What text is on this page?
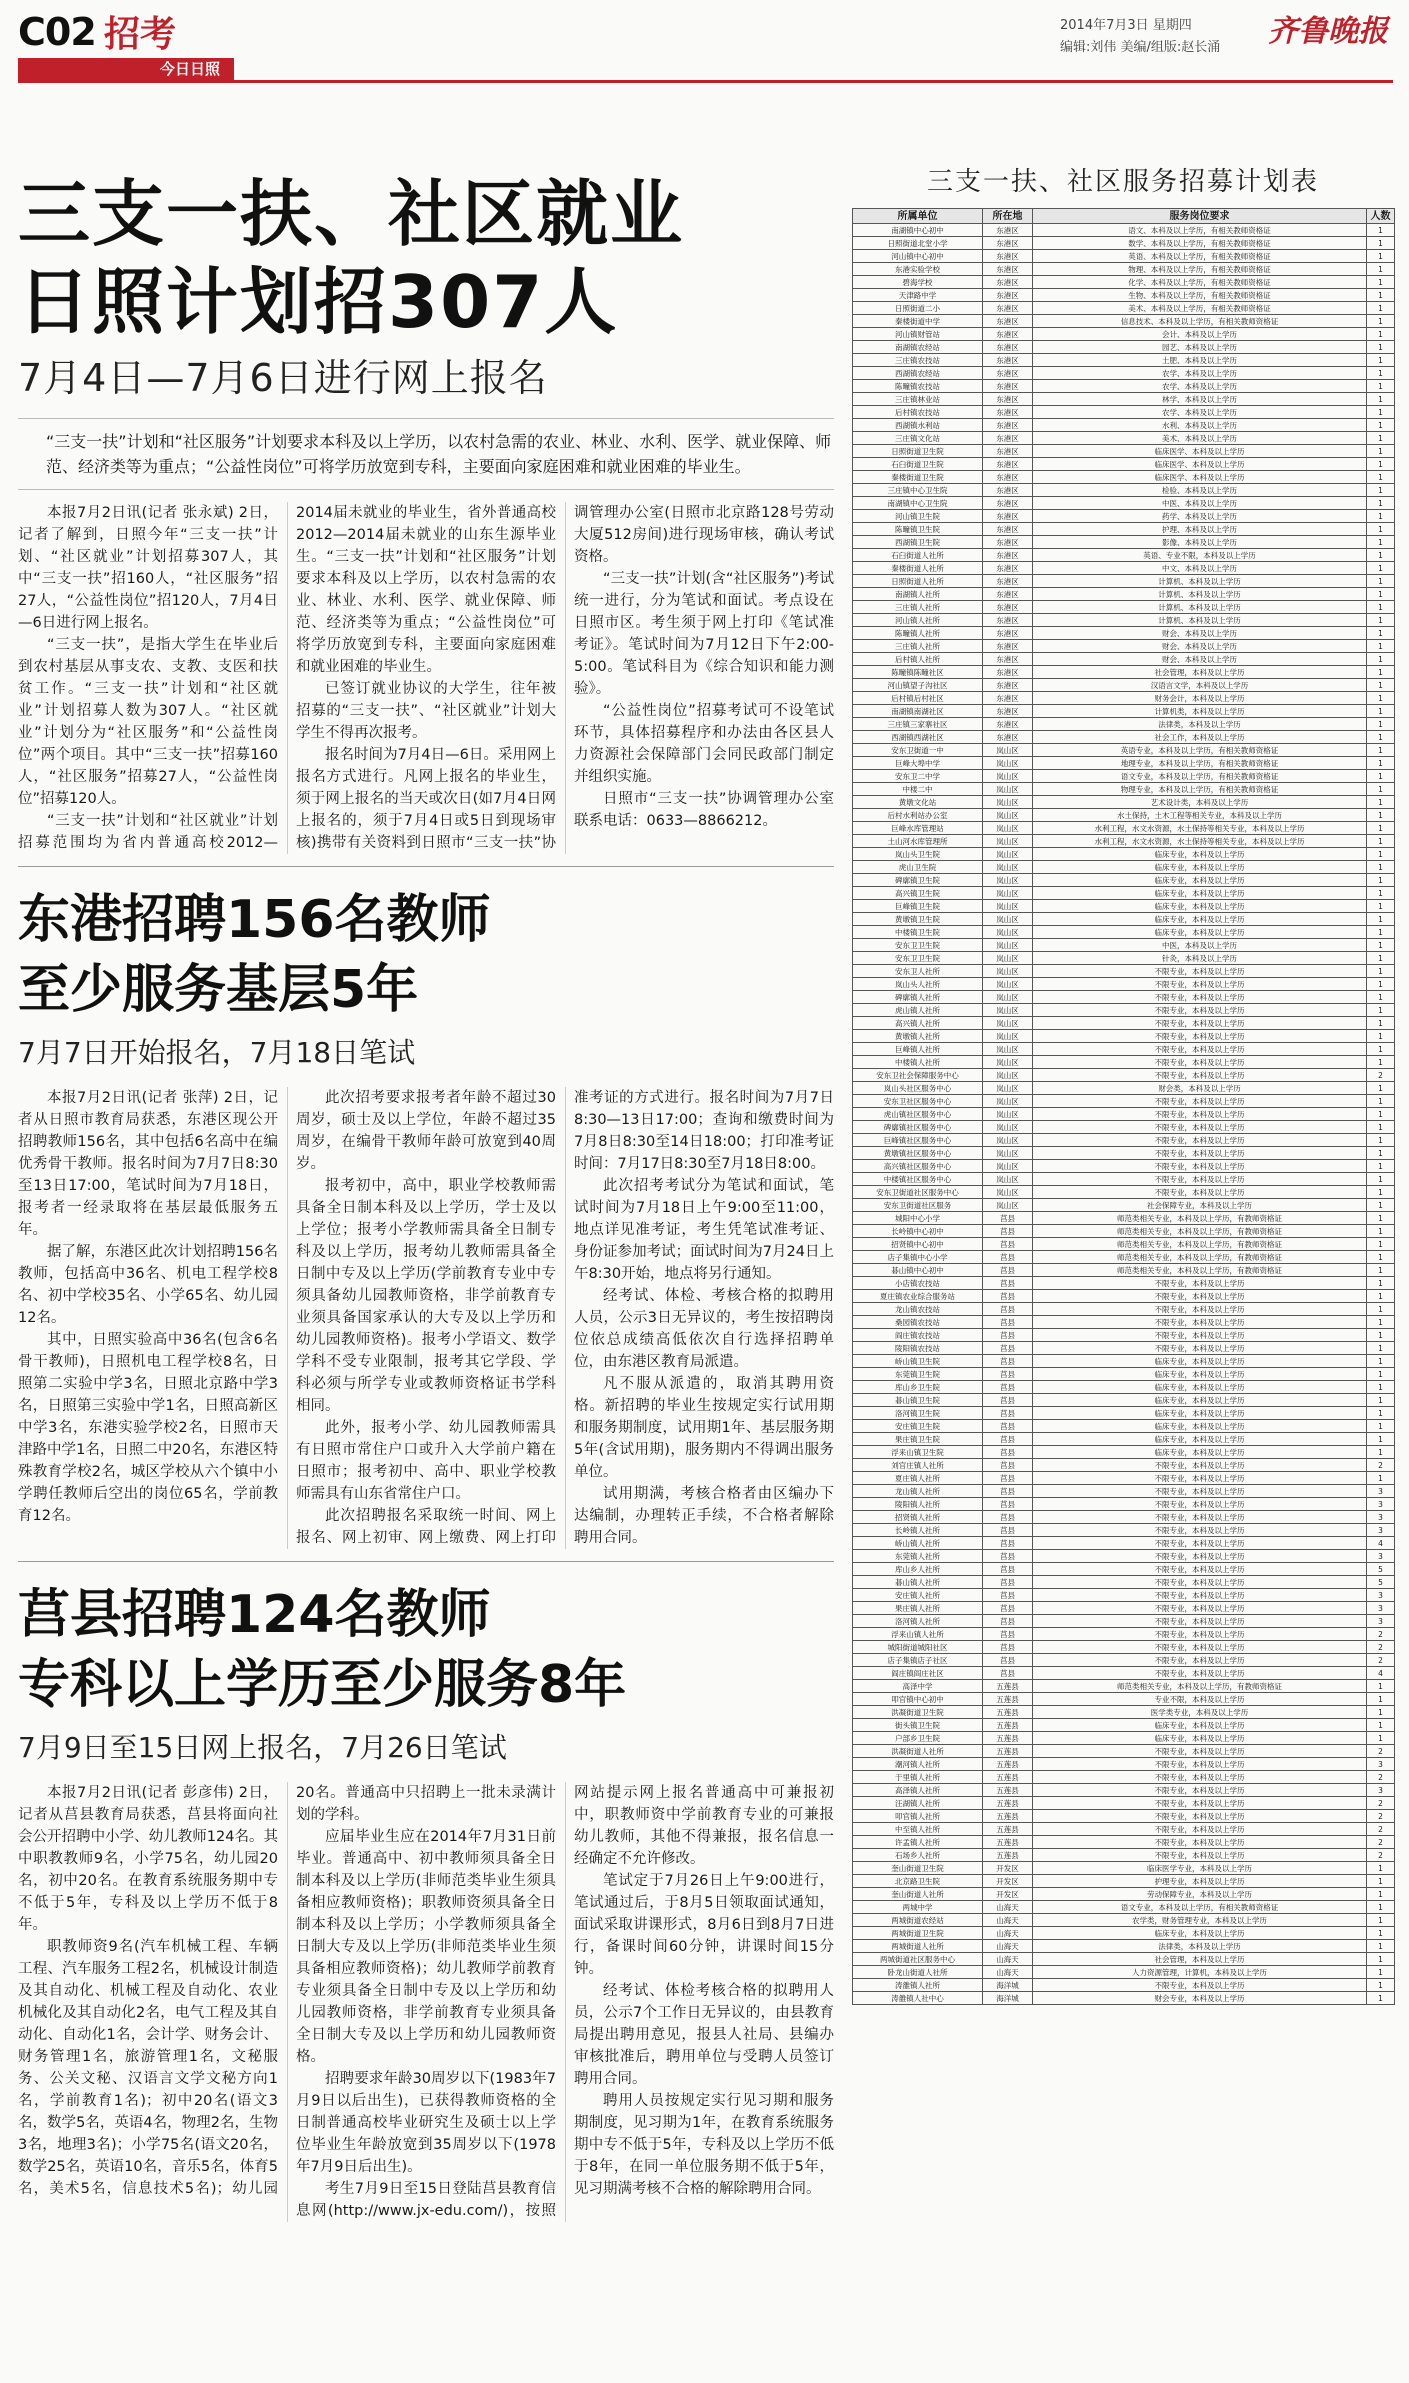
C02 招考
今日日照
2014年7月3日 星期四
编辑:刘伟 美编/组版:赵长涌 齐鲁晚报
三支一扶、社区就业
日照计划招307人
7月4日—7月6日进行网上报名
“三支一扶”计划和“社区服务”计划要求本科及以上学历，以农村急需的农业、林业、水利、医学、就业保障、师范、经济类等为重点；“公益性岗位”可将学历放宽到专科，主要面向家庭困难和就业困难的毕业生。

本报7月2日讯(记者 张永斌) 2日，记者了解到，日照今年“三支一扶”计划、“社区就业”计划招募307人，其中“三支一扶”招160人，“社区服务”招27人，“公益性岗位”招120人，7月4日—6日进行网上报名。

“三支一扶”，是指大学生在毕业后到农村基层从事支农、支教、支医和扶贫工作。“三支一扶”计划和“社区就业”计划招募人数为307人。“社区就业”计划分为“社区服务”和“公益性岗位”两个项目。其中“三支一扶”招募160人，“社区服务”招募27人，“公益性岗位”招募120人。

“三支一扶”计划和“社区就业”计划招募范围均为省内普通高校2012—2014届未就业的毕业生，省外普通高校2012—2014届未就业的山东生源毕业生。“三支一扶”计划和“社区服务”计划要求本科及以上学历，以农村急需的农业、林业、水利、医学、就业保障、师范、经济类等为重点；“公益性岗位”可将学历放宽到专科，主要面向家庭困难和就业困难的毕业生。

已签订就业协议的大学生，往年被招募的“三支一扶”、“社区就业”计划大学生不得再次报考。

报名时间为7月4日—6日。采用网上报名方式进行。凡网上报名的毕业生，须于网上报名的当天或次日(如7月4日网上报名的，须于7月4日或5日到现场审核)携带有关资料到日照市“三支一扶”协调管理办公室(日照市北京路128号劳动大厦512房间)进行现场审核，确认考试资格。

“三支一扶”计划(含“社区服务”)考试统一进行，分为笔试和面试。考点设在日照市区。考生须于网上打印《笔试准考证》。笔试时间为7月12日下午2:00-5:00。笔试科目为《综合知识和能力测验》。

“公益性岗位”招募考试可不设笔试环节，具体招募程序和办法由各区县人力资源社会保障部门会同民政部门制定并组织实施。

日照市“三支一扶”协调管理办公室联系电话：0633—8866212。

东港招聘156名教师
至少服务基层5年
7月7日开始报名，7月18日笔试

本报7月2日讯(记者 张萍) 2日，记者从日照市教育局获悉，东港区现公开招聘教师156名，其中包括6名高中在编优秀骨干教师。报名时间为7月7日8:30至13日17:00，笔试时间为7月18日，报考者一经录取将在基层最低服务五年。

据了解，东港区此次计划招聘156名教师，包括高中36名、机电工程学校8名、初中学校35名、小学65名、幼儿园12名。

其中，日照实验高中36名(包含6名骨干教师)，日照机电工程学校8名，日照第二实验中学3名，日照北京路中学3名，日照第三实验中学1名，日照高新区中学3名，东港实验学校2名，日照市天津路中学1名，日照二中20名，东港区特殊教育学校2名，城区学校从六个镇中小学聘任教师后空出的岗位65名，学前教育12名。

此次招考要求报考者年龄不超过30周岁，硕士及以上学位，年龄不超过35周岁，在编骨干教师年龄可放宽到40周岁。

报考初中，高中，职业学校教师需具备全日制本科及以上学历，学士及以上学位；报考小学教师需具备全日制专科及以上学历，报考幼儿教师需具备全日制中专及以上学历(学前教育专业中专须具备幼儿园教师资格，非学前教育专业须具备国家承认的大专及以上学历和幼儿园教师资格)。报考小学语文、数学学科不受专业限制，报考其它学段、学科必须与所学专业或教师资格证书学科相同。

此外，报考小学、幼儿园教师需具有日照市常住户口或升入大学前户籍在日照市；报考初中、高中、职业学校教师需具有山东省常住户口。

此次招聘报名采取统一时间、网上报名、网上初审、网上缴费、网上打印准考证的方式进行。报名时间为7月7日8:30—13日17:00；查询和缴费时间为7月8日8:30至14日18:00；打印准考证时间：7月17日8:30至7月18日8:00。

此次招考考试分为笔试和面试，笔试时间为7月18日上午9:00至11:00，地点详见准考证，考生凭笔试准考证、身份证参加考试；面试时间为7月24日上午8:30开始，地点将另行通知。

经考试、体检、考核合格的拟聘用人员，公示3日无异议的，考生按招聘岗位依总成绩高低依次自行选择招聘单位，由东港区教育局派遣。

凡不服从派遣的，取消其聘用资格。新招聘的毕业生按规定实行试用期和服务期制度，试用期1年、基层服务期5年(含试用期)，服务期内不得调出服务单位。

试用期满，考核合格者由区编办下达编制，办理转正手续，不合格者解除聘用合同。

莒县招聘124名教师
专科以上学历至少服务8年
7月9日至15日网上报名，7月26日笔试

本报7月2日讯(记者 彭彦伟) 2日，记者从莒县教育局获悉，莒县将面向社会公开招聘中小学、幼儿教师124名。其中职教教师9名，小学75名，幼儿园20名，初中20名。在教育系统服务期中专不低于5年，专科及以上学历不低于8年。

职教师资9名(汽车机械工程、车辆工程、汽车服务工程2名，机械设计制造及其自动化、机械工程及自动化、农业机械化及其自动化2名，电气工程及其自动化、自动化1名，会计学、财务会计、财务管理1名，旅游管理1名，文秘服务、公关文秘、汉语言文学文秘方向1名，学前教育1名)；初中20名(语文3名，数学5名，英语4名，物理2名，生物3名，地理3名)；小学75名(语文20名，数学25名，英语10名，音乐5名，体育5名，美术5名，信息技术5名)；幼儿园20名。普通高中只招聘上一批未录满计划的学科。

应届毕业生应在2014年7月31日前毕业。普通高中、初中教师须具备全日制本科及以上学历(非师范类毕业生须具备相应教师资格)；职教师资须具备全日制本科及以上学历；小学教师须具备全日制大专及以上学历(非师范类毕业生须具备相应教师资格)；幼儿教师学前教育专业须具备全日制中专及以上学历和幼儿园教师资格，非学前教育专业须具备全日制大专及以上学历和幼儿园教师资格。

招聘要求年龄30周岁以下(1983年7月9日以后出生)，已获得教师资格的全日制普通高校毕业研究生及硕士以上学位毕业生年龄放宽到35周岁以下(1978年7月9日后出生)。

考生7月9日至15日登陆莒县教育信息网(http://www.jx-edu.com/)，按照网站提示网上报名普通高中可兼报初中，职教师资中学前教育专业的可兼报幼儿教师，其他不得兼报，报名信息一经确定不允许修改。

笔试定于7月26日上午9:00进行，笔试通过后，于8月5日领取面试通知，面试采取讲课形式，8月6日到8月7日进行，备课时间60分钟，讲课时间15分钟。

经考试、体检考核合格的拟聘用人员，公示7个工作日无异议的，由县教育局提出聘用意见，报县人社局、县编办审核批准后，聘用单位与受聘人员签订聘用合同。

聘用人员按规定实行见习期和服务期制度，见习期为1年，在教育系统服务期中专不低于5年，专科及以上学历不低于8年，在同一单位服务期不低于5年，见习期满考核不合格的解除聘用合同。

三支一扶、社区服务招募计划表
所属单位	所在地	服务岗位要求	人数
南湖镇中心初中	东港区	语文、本科及以上学历，有相关教师资格证	1
日照街道北堂小学	东港区	数学、本科及以上学历，有相关教师资格证	1
河山镇中心初中	东港区	英语、本科及以上学历，有相关教师资格证	1
东港实验学校	东港区	物理、本科及以上学历，有相关教师资格证	1
碧海学校	东港区	化学、本科及以上学历，有相关教师资格证	1
天津路中学	东港区	生物、本科及以上学历，有相关教师资格证	1
日照街道二小	东港区	美术、本科及以上学历，有相关教师资格证	1
秦楼街道中学	东港区	信息技术、本科及以上学历，有相关教师资格证	1
河山镇财管站	东港区	会计、本科及以上学历	1
南湖镇农经站	东港区	园艺、本科及以上学历	1
三庄镇农技站	东港区	土肥、本科及以上学历	1
西湖镇农经站	东港区	农学、本科及以上学历	1
陈疃镇农技站	东港区	农学、本科及以上学历	1
三庄镇林业站	东港区	林学、本科及以上学历	1
后村镇农技站	东港区	农学、本科及以上学历	1
西湖镇水利站	东港区	水利、本科及以上学历	1
三庄镇文化站	东港区	美术、本科及以上学历	1
日照街道卫生院	东港区	临床医学、本科及以上学历	1
石臼街道卫生院	东港区	临床医学、本科及以上学历	1
秦楼街道卫生院	东港区	临床医学、本科及以上学历	1
三庄镇中心卫生院	东港区	检验、本科及以上学历	1
南湖镇中心卫生院	东港区	中医、本科及以上学历	1
河山镇卫生院	东港区	药学、本科及以上学历	1
陈疃镇卫生院	东港区	护理、本科及以上学历	1
西湖镇卫生院	东港区	影像、本科及以上学历	1
石臼街道人社所	东港区	英语、专业不限，本科及以上学历	1
秦楼街道人社所	东港区	中文、本科及以上学历	1
日照街道人社所	东港区	计算机、本科及以上学历	1
南湖镇人社所	东港区	计算机、本科及以上学历	1
三庄镇人社所	东港区	计算机、本科及以上学历	1
河山镇人社所	东港区	计算机、本科及以上学历	1
陈疃镇人社所	东港区	财会、本科及以上学历	1
三庄镇人社所	东港区	财会、本科及以上学历	1
后村镇人社所	东港区	财会、本科及以上学历	1
陈疃镇陈疃社区	东港区	社会管理，本科及以上学历	1
河山镇望子沟社区	东港区	汉语言文学，本科及以上学历	1
后村镇后村社区	东港区	财务会计，本科及以上学历	1
南湖镇南湖社区	东港区	计算机类，本科及以上学历	1
三庄镇三家寨社区	东港区	法律类，本科及以上学历	1
西湖镇西湖社区	东港区	社会工作，本科及以上学历	1
安东卫街道一中	岚山区	英语专业，本科及以上学历，有相关教师资格证	1
巨峰大埠中学	岚山区	地理专业，本科及以上学历，有相关教师资格证	1
安东卫二中学	岚山区	语文专业，本科及以上学历，有相关教师资格证	1
中楼二中	岚山区	物理专业，本科及以上学历，有相关教师资格证	1
黄墩文化站	岚山区	艺术设计类，本科及以上学历	1
后村水利站办公室	岚山区	水土保持，土木工程等相关专业，本科及以上学历	1
巨峰水库管理站	岚山区	水利工程，水文水资源，水土保持等相关专业，本科及以上学历	1
土山河水库管理所	岚山区	水利工程，水文水资源，水土保持等相关专业，本科及以上学历	1
岚山头卫生院	岚山区	临床专业，本科及以上学历	1
虎山卫生院	岚山区	临床专业，本科及以上学历	1
碑廓镇卫生院	岚山区	临床专业，本科及以上学历	1
高兴镇卫生院	岚山区	临床专业，本科及以上学历	1
巨峰镇卫生院	岚山区	临床专业，本科及以上学历	1
黄墩镇卫生院	岚山区	临床专业，本科及以上学历	1
中楼镇卫生院	岚山区	临床专业，本科及以上学历	1
安东卫卫生院	岚山区	中医，本科及以上学历	1
安东卫卫生院	岚山区	针灸，本科及以上学历	1
安东卫人社所	岚山区	不限专业，本科及以上学历	1
岚山头人社所	岚山区	不限专业，本科及以上学历	1
碑廓镇人社所	岚山区	不限专业，本科及以上学历	1
虎山镇人社所	岚山区	不限专业，本科及以上学历	1
高兴镇人社所	岚山区	不限专业，本科及以上学历	1
黄墩镇人社所	岚山区	不限专业，本科及以上学历	1
巨峰镇人社所	岚山区	不限专业，本科及以上学历	1
中楼镇人社所	岚山区	不限专业，本科及以上学历	1
安东卫社会保障服务中心	岚山区	不限专业，本科及以上学历	2
岚山头社区服务中心	岚山区	财会类，本科及以上学历	1
安东卫社区服务中心	岚山区	不限专业，本科及以上学历	1
虎山镇社区服务中心	岚山区	不限专业，本科及以上学历	1
碑廓镇社区服务中心	岚山区	不限专业，本科及以上学历	1
巨峰镇社区服务中心	岚山区	不限专业，本科及以上学历	1
黄墩镇社区服务中心	岚山区	不限专业，本科及以上学历	1
高兴镇社区服务中心	岚山区	不限专业，本科及以上学历	1
中楼镇社区服务中心	岚山区	不限专业，本科及以上学历	1
安东卫街道社区服务中心	岚山区	不限专业，本科及以上学历	1
安东卫街道社区服务	岚山区	社会保障专业，本科及以上学历	1
城阳中心小学	莒县	师范类相关专业，本科及以上学历，有教师资格证	1
长岭镇中心初中	莒县	师范类相关专业，本科及以上学历，有教师资格证	1
招贤镇中心初中	莒县	师范类相关专业，本科及以上学历，有教师资格证	1
店子集镇中心小学	莒县	师范类相关专业，本科及以上学历，有教师资格证	1
碁山镇中心初中	莒县	师范类相关专业，本科及以上学历，有教师资格证	1
小店镇农技站	莒县	不限专业，本科及以上学历	1
夏庄镇农业综合服务站	莒县	不限专业，本科及以上学历	1
龙山镇农技站	莒县	不限专业，本科及以上学历	1
桑园镇农技站	莒县	不限专业，本科及以上学历	1
阎庄镇农技站	莒县	不限专业，本科及以上学历	1
陵阳镇农技站	莒县	不限专业，本科及以上学历	1
峤山镇卫生院	莒县	临床专业，本科及以上学历	1
东莞镇卫生院	莒县	临床专业，本科及以上学历	1
库山乡卫生院	莒县	临床专业，本科及以上学历	1
碁山镇卫生院	莒县	临床专业，本科及以上学历	1
洛河镇卫生院	莒县	临床专业，本科及以上学历	1
安庄镇卫生院	莒县	临床专业，本科及以上学历	1
果庄镇卫生院	莒县	临床专业，本科及以上学历	1
浮来山镇卫生院	莒县	临床专业，本科及以上学历	1
刘官庄镇人社所	莒县	不限专业，本科及以上学历	2
夏庄镇人社所	莒县	不限专业，本科及以上学历	1
龙山镇人社所	莒县	不限专业，本科及以上学历	3
陵阳镇人社所	莒县	不限专业，本科及以上学历	3
招贤镇人社所	莒县	不限专业，本科及以上学历	3
长岭镇人社所	莒县	不限专业，本科及以上学历	3
峤山镇人社所	莒县	不限专业，本科及以上学历	4
东莞镇人社所	莒县	不限专业，本科及以上学历	3
库山乡人社所	莒县	不限专业，本科及以上学历	5
碁山镇人社所	莒县	不限专业，本科及以上学历	5
安庄镇人社所	莒县	不限专业，本科及以上学历	3
果庄镇人社所	莒县	不限专业，本科及以上学历	3
洛河镇人社所	莒县	不限专业，本科及以上学历	3
浮来山镇人社所	莒县	不限专业，本科及以上学历	2
城阳街道城阳社区	莒县	不限专业，本科及以上学历	2
店子集镇店子社区	莒县	不限专业，本科及以上学历	2
阎庄镇阎庄社区	莒县	不限专业，本科及以上学历	4
高泽中学	五莲县	师范类相关专业，本科及以上学历，有教师资格证	1
叩官镇中心初中	五莲县	专业不限，本科及以上学历	1
洪凝街道卫生院	五莲县	医学类专业，本科及以上学历	1
街头镇卫生院	五莲县	临床专业，本科及以上学历	1
户部乡卫生院	五莲县	临床专业，本科及以上学历	1
洪凝街道人社所	五莲县	不限专业，本科及以上学历	2
潮河镇人社所	五莲县	不限专业，本科及以上学历	3
于里镇人社所	五莲县	不限专业，本科及以上学历	2
高泽镇人社所	五莲县	不限专业，本科及以上学历	3
汪湖镇人社所	五莲县	不限专业，本科及以上学历	2
叩官镇人社所	五莲县	不限专业，本科及以上学历	2
中至镇人社所	五莲县	不限专业，本科及以上学历	2
许孟镇人社所	五莲县	不限专业，本科及以上学历	2
石场乡人社所	五莲县	不限专业，本科及以上学历	2
奎山街道卫生院	开发区	临床医学专业，本科及以上学历	1
北京路卫生院	开发区	护理专业，本科及以上学历	1
奎山街道人社所	开发区	劳动保障专业，本科及以上学历	1
两城中学	山海天	语文专业，本科及以上学历，有相关教师资格证	1
两城街道农经站	山海天	农学类，财务管理专业，本科及以上学历	1
两城街道卫生院	山海天	临床专业，本科及以上学历	1
两城街道人社所	山海天	法律类，本科及以上学历	1
两城街道社区服务中心	山海天	社会管理，本科及以上学历	1
卧龙山街道人社所	山海天	人力资源管理，计算机，本科及以上学历	1
涛雒镇人社所	海洋城	不限专业，本科及以上学历	1
涛雒镇人社中心	海洋城	财会专业，本科及以上学历	1
